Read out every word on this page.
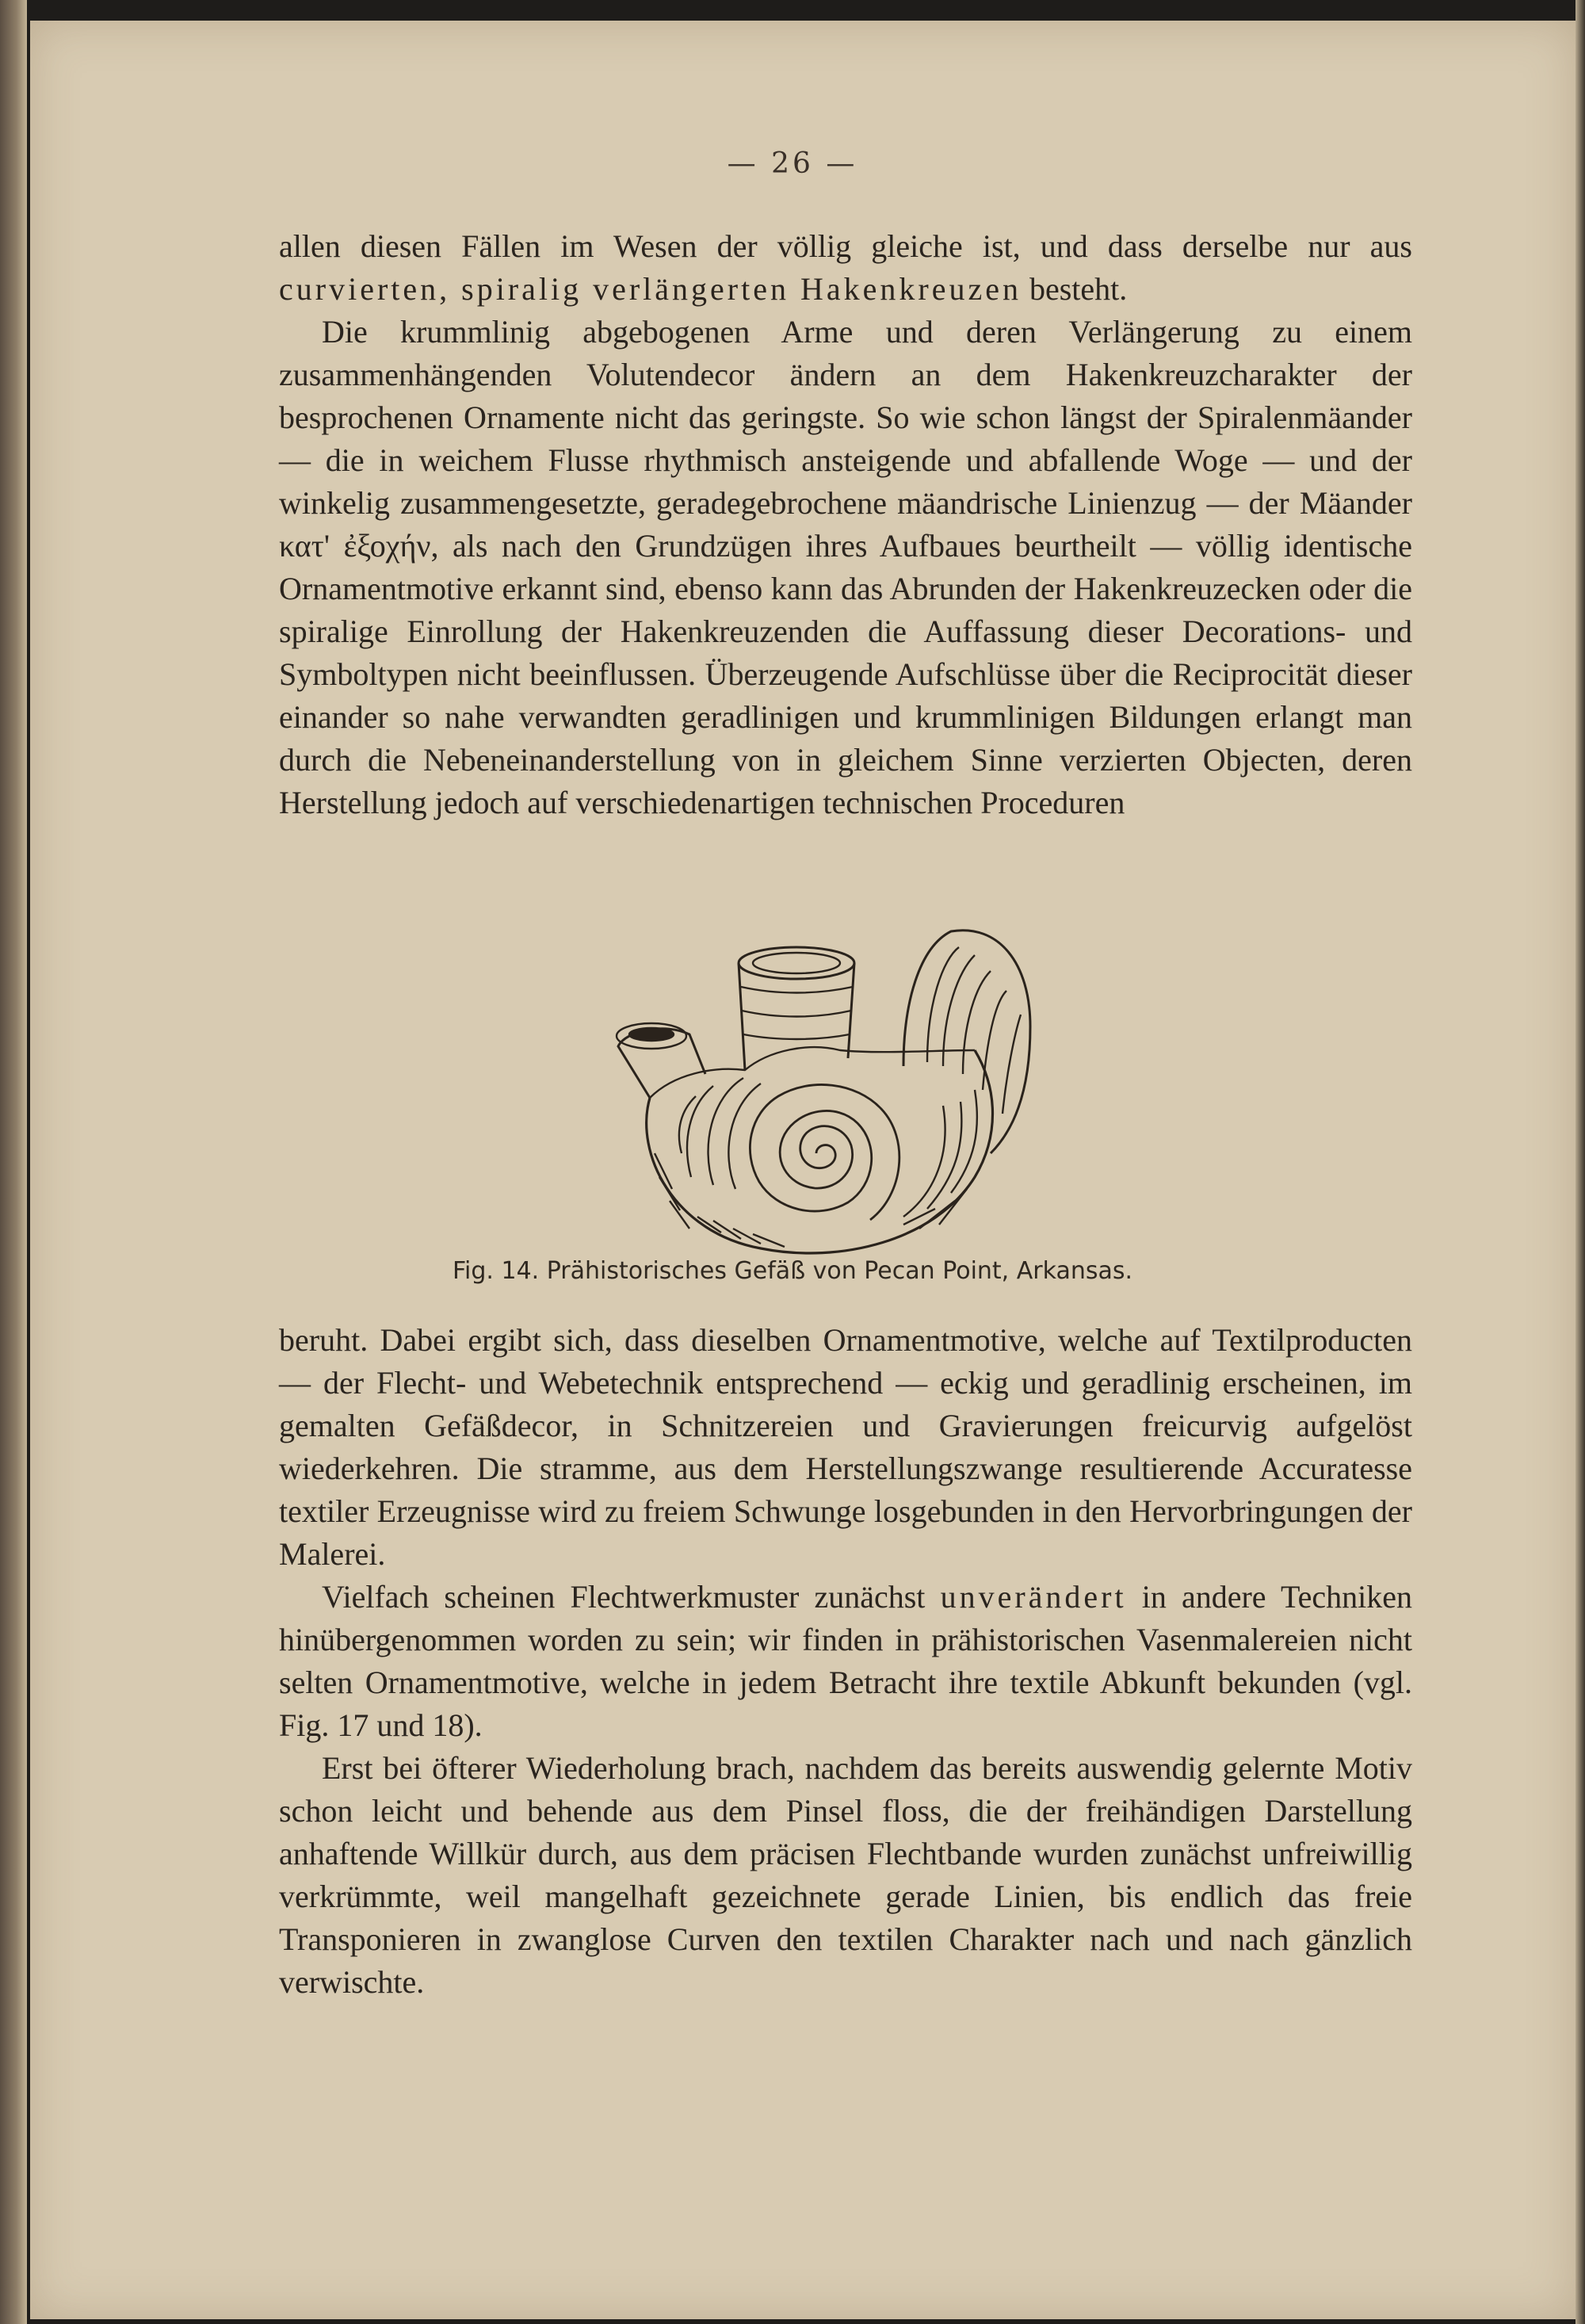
— 26 —

allen diesen Fällen im Wesen der völlig gleiche ist, und dass derselbe nur aus curvierten, spiralig verlängerten Hakenkreuzen besteht.

Die krummlinig abgebogenen Arme und deren Verlängerung zu einem zusammenhängenden Volutendecor ändern an dem Hakenkreuzcharakter der besprochenen Ornamente nicht das geringste. So wie schon längst der Spiralenmäander — die in weichem Flusse rhythmisch ansteigende und abfallende Woge — und der winkelig zusammengesetzte, geradegebrochene mäandrische Linienzug — der Mäander κατ' ἐξοχήν, als nach den Grundzügen ihres Aufbaues beurtheilt — völlig identische Ornamentmotive erkannt sind, ebenso kann das Abrunden der Hakenkreuzecken oder die spiralige Einrollung der Hakenkreuzenden die Auffassung dieser Decorations- und Symboltypen nicht beeinflussen. Überzeugende Aufschlüsse über die Reciprocität dieser einander so nahe verwandten geradlinigen und krummlinigen Bildungen erlangt man durch die Nebeneinanderstellung von in gleichem Sinne verzierten Objecten, deren Herstellung jedoch auf verschiedenartigen technischen Proceduren

Fig. 14. Prähistorisches Gefäß von Pecan Point, Arkansas.

beruht. Dabei ergibt sich, dass dieselben Ornamentmotive, welche auf Textilproducten — der Flecht- und Webetechnik entsprechend — eckig und geradlinig erscheinen, im gemalten Gefäßdecor, in Schnitzereien und Gravierungen freicurvig aufgelöst wiederkehren. Die stramme, aus dem Herstellungszwange resultierende Accuratesse textiler Erzeugnisse wird zu freiem Schwunge losgebunden in den Hervorbringungen der Malerei.

Vielfach scheinen Flechtwerkmuster zunächst unverändert in andere Techniken hinübergenommen worden zu sein; wir finden in prähistorischen Vasenmalereien nicht selten Ornamentmotive, welche in jedem Betracht ihre textile Abkunft bekunden (vgl. Fig. 17 und 18).

Erst bei öfterer Wiederholung brach, nachdem das bereits auswendig gelernte Motiv schon leicht und behende aus dem Pinsel floss, die der freihändigen Darstellung anhaftende Willkür durch, aus dem präcisen Flechtbande wurden zunächst unfreiwillig verkrümmte, weil mangelhaft gezeichnete gerade Linien, bis endlich das freie Transponieren in zwanglose Curven den textilen Charakter nach und nach gänzlich verwischte.
